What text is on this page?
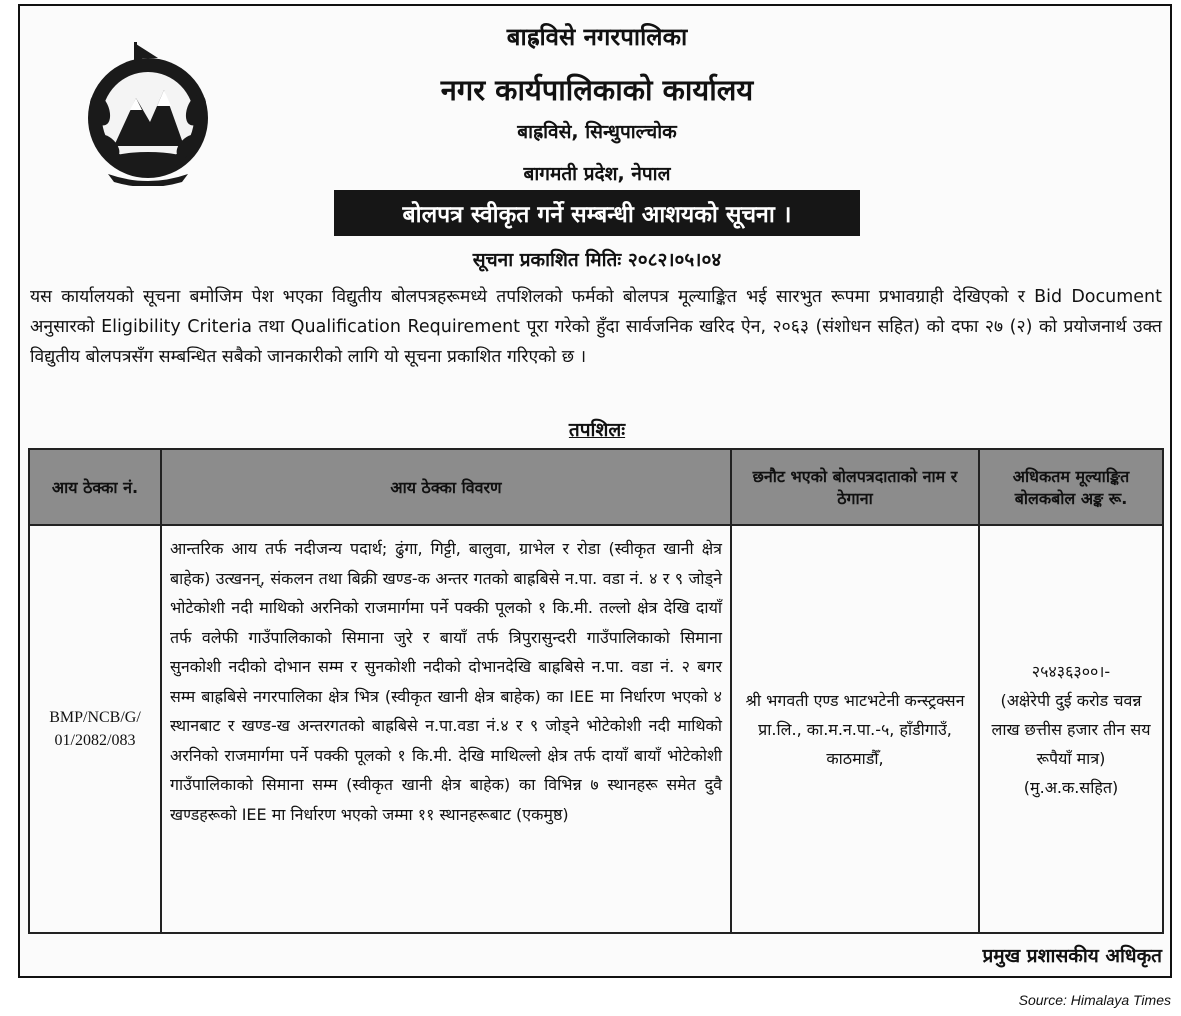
बाह्रविसे नगरपालिका
नगर कार्यपालिकाको कार्यालय
बाह्रविसे, सिन्धुपाल्चोक
बागमती प्रदेश, नेपाल
बोलपत्र स्वीकृत गर्ने सम्बन्धी आशयको सूचना ।
सूचना प्रकाशित मितिः २०८२।०५।०४
यस कार्यालयको सूचना बमोजिम पेश भएका विद्युतीय बोलपत्रहरूमध्ये तपशिलको फर्मको बोलपत्र मूल्याङ्कित भई सारभुत रूपमा प्रभावग्राही देखिएको र Bid Document अनुसारको Eligibility Criteria तथा Qualification Requirement पूरा गरेको हुँदा सार्वजनिक खरिद ऐन, २०६३ (संशोधन सहित) को दफा २७ (२) को प्रयोजनार्थ उक्त विद्युतीय बोलपत्रसँग सम्बन्धित सबैको जानकारीको लागि यो सूचना प्रकाशित गरिएको छ ।
तपशिलः
आय ठेक्का नं.	आय ठेक्का विवरण	छनौट भएको बोलपत्रदाताको नाम र ठेगाना	अधिकतम मूल्याङ्कित बोलकबोल अङ्क रू.
BMP/NCB/G/ 01/2082/083	आन्तरिक आय तर्फ नदीजन्य पदार्थ; ढुंगा, गिट्टी, बालुवा, ग्राभेल र रोडा (स्वीकृत खानी क्षेत्र बाहेक) उत्खनन्, संकलन तथा बिक्री खण्ड-क अन्तर गतको बाह्रबिसे न.पा. वडा नं. ४ र ९ जोड्ने भोटेकोशी नदी माथिको अरनिको राजमार्गमा पर्ने पक्की पूलको १ कि.मी. तल्लो क्षेत्र देखि दायाँ तर्फ वलेफी गाउँपालिकाको सिमाना जुरे र बायाँ तर्फ त्रिपुरासुन्दरी गाउँपालिकाको सिमाना सुनकोशी नदीको दोभान सम्म र सुनकोशी नदीको दोभानदेखि बाह्रबिसे न.पा. वडा नं. २ बगर सम्म बाह्रबिसे नगरपालिका क्षेत्र भित्र (स्वीकृत खानी क्षेत्र बाहेक) का IEE मा निर्धारण भएको ४ स्थानबाट र खण्ड-ख अन्तरगतको बाह्रबिसे न.पा.वडा नं.४ र ९ जोड्ने भोटेकोशी नदी माथिको अरनिको राजमार्गमा पर्ने पक्की पूलको १ कि.मी. देखि माथिल्लो क्षेत्र तर्फ दायाँ बायाँ भोटेकोशी गाउँपालिकाको सिमाना सम्म (स्वीकृत खानी क्षेत्र बाहेक) का विभिन्न ७ स्थानहरू समेत दुवै खण्डहरूको IEE मा निर्धारण भएको जम्मा ११ स्थानहरूबाट (एकमुष्ठ)	श्री भगवती एण्ड भाटभटेनी कन्स्ट्रक्सन प्रा.लि., का.म.न.पा.-५, हाँडीगाउँ, काठमाडौँ,	२५४३६३००।-
(अक्षेरेपी दुई करोड चवन्न लाख छत्तीस हजार तीन सय रूपैयाँ मात्र) (मु.अ.क.सहित)
प्रमुख प्रशासकीय अधिकृत
Source: Himalaya Times
